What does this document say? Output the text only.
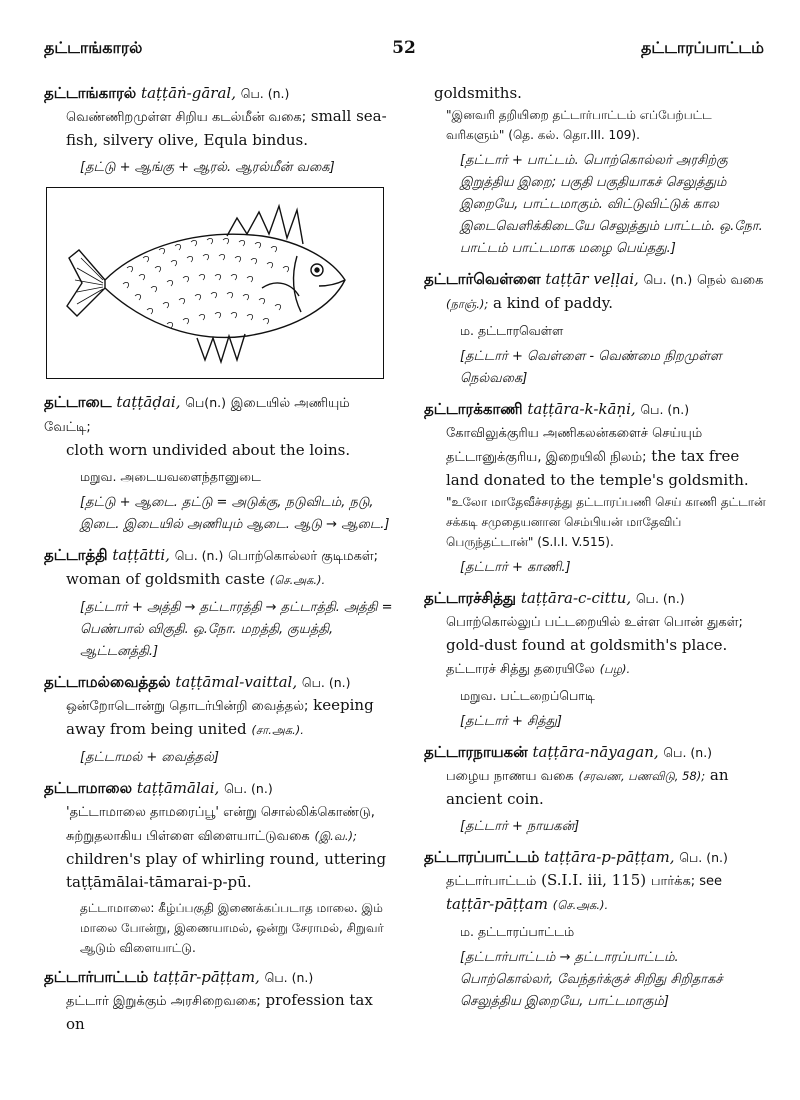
தட்டாங்காரல்	52	தட்டாரப்பாட்டம்
தட்டாங்காரல் taṭṭāṅ-gāral, பெ. (n.)
வெண்ணிறமுள்ள சிறிய கடல்மீன் வகை; small sea-fish, silvery olive, Equla bindus.
[தட்டு + ஆங்கு + ஆரல். ஆரல்மீன் வகை]
தட்டாடை taṭṭāḍai, பெ(n.) இடையில் அணியும் வேட்டி;
cloth worn undivided about the loins.
மறுவ. அடையவளைந்தானுடை
[தட்டு + ஆடை. தட்டு = அடுக்கு, நடுவிடம், நடு, இடை. இடையில் அணியும் ஆடை. ஆடு → ஆடை.]
தட்டாத்தி taṭṭātti, பெ. (n.) பொற்கொல்லர் குடிமகள்;
woman of goldsmith caste (செ.அக.).
[தட்டார் + அத்தி → தட்டாரத்தி → தட்டாத்தி. அத்தி = பெண்பால் விகுதி. ஒ.நோ. மறத்தி, குயத்தி, ஆட்டனத்தி.]
தட்டாமல்வைத்தல் taṭṭāmal-vaittal, பெ. (n.)
ஒன்றோடொன்று தொடர்பின்றி வைத்தல்; keeping away from being united (சா.அக.).
[தட்டாமல் + வைத்தல்]
தட்டாமாலை taṭṭāmālai, பெ. (n.)
'தட்டாமாலை தாமரைப்பூ' என்று சொல்லிக்கொண்டு, சுற்றுதலாகிய பிள்ளை விளையாட்டுவகை (இ.வ.); children's play of whirling round, uttering taṭṭāmālai-tāmarai-p-pū.
தட்டாமாலை: கீழ்ப்பகுதி இணைக்கப்படாத மாலை. இம் மாலை போன்று, இணையாமல், ஒன்று சேராமல், சிறுவர் ஆடும் விளையாட்டு.
தட்டார்பாட்டம் taṭṭār-pāṭṭam, பெ. (n.)
தட்டார் இறுக்கும் அரசிறைவகை; profession tax on
goldsmiths.
"இனவரி தறியிறை தட்டார்பாட்டம் எப்பேற்பட்ட வரிகளும்" (தெ. கல். தொ.III. 109).
[தட்டார் + பாட்டம். பொற்கொல்லர் அரசிற்கு இறுத்திய இறை; பகுதி பகுதியாகச் செலுத்தும் இறையே, பாட்டமாகும். விட்டுவிட்டுக் கால இடைவெளிக்கிடையே செலுத்தும் பாட்டம். ஒ.நோ. பாட்டம் பாட்டமாக மழை பெய்தது.]
தட்டார்வெள்ளை taṭṭār veḷḷai, பெ. (n.) நெல் வகை
(நாஞ்.); a kind of paddy.
ம. தட்டாரவெள்ள
[தட்டார் + வெள்ளை - வெண்மை நிறமுள்ள நெல்வகை]
தட்டாரக்காணி taṭṭāra-k-kāṇi, பெ. (n.)
கோவிலுக்குரிய அணிகலன்களைச் செய்யும் தட்டானுக்குரிய, இறையிலி நிலம்; the tax free land donated to the temple's goldsmith.
"உலோ மாதேவீச்சரத்து தட்டாரப்பணி செய் காணி தட்டான் சக்கடி சமுதையனான செம்பியன் மாதேவிப் பெருந்தட்டான்" (S.I.I. V.515).
[தட்டார் + காணி.]
தட்டாரச்சித்து taṭṭāra-c-cittu, பெ. (n.)
பொற்கொல்லுப் பட்டறையில் உள்ள பொன் துகள்; gold-dust found at goldsmith's place. தட்டாரச் சித்து தரையிலே (பழ).
மறுவ. பட்டறைப்பொடி
[தட்டார் + சித்து]
தட்டாரநாயகன் taṭṭāra-nāyagan, பெ. (n.)
பழைய நாணய வகை (சரவண, பணவிடு, 58); an ancient coin.
[தட்டார் + நாயகன்]
தட்டாரப்பாட்டம் taṭṭāra-p-pāṭṭam, பெ. (n.)
தட்டார்பாட்டம் (S.I.I. iii, 115) பார்க்க; see taṭṭār-pāṭṭam (செ.அக.).
ம. தட்டாரப்பாட்டம்
[தட்டார்பாட்டம் → தட்டாரப்பாட்டம். பொற்கொல்லர், வேந்தர்க்குச் சிறிது சிறிதாகச் செலுத்திய இறையே, பாட்டமாகும்]
